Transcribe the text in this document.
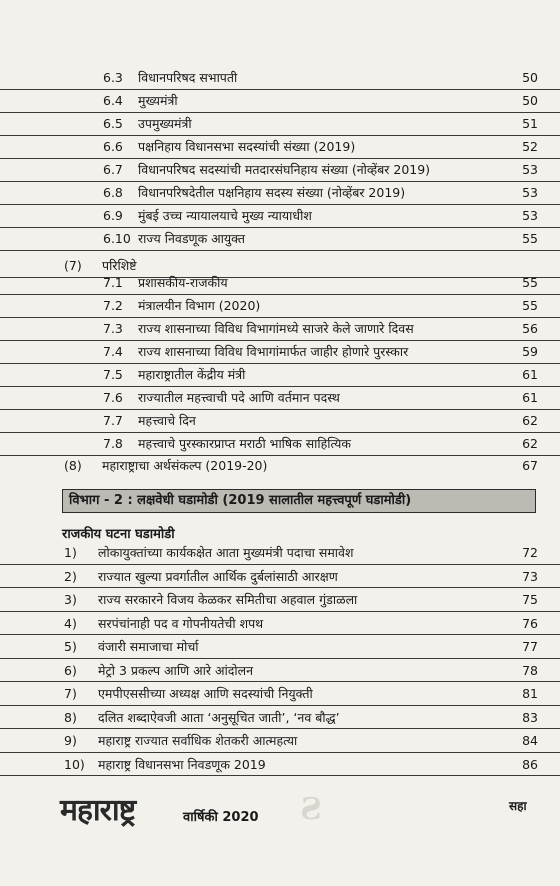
6.3 विधानपरिषद सभापती	50
6.4 मुख्यमंत्री	50
6.5 उपमुख्यमंत्री	51
6.6 पक्षनिहाय विधानसभा सदस्यांची संख्या (2019)	52
6.7 विधानपरिषद सदस्यांची मतदारसंघनिहाय संख्या (नोव्हेंबर 2019)	53
6.8 विधानपरिषदेतील पक्षनिहाय सदस्य संख्या (नोव्हेंबर 2019)	53
6.9 मुंबई उच्च न्यायालयाचे मुख्य न्यायाधीश	53
6.10 राज्य निवडणूक आयुक्त	55
(7) परिशिष्टे
7.1 प्रशासकीय-राजकीय	55
7.2 मंत्रालयीन विभाग (2020)	55
7.3 राज्य शासनाच्या विविध विभागांमध्ये साजरे केले जाणारे दिवस	56
7.4 राज्य शासनाच्या विविध विभागांमार्फत जाहीर होणारे पुरस्कार	59
7.5 महाराष्ट्रातील केंद्रीय मंत्री	61
7.6 राज्यातील महत्त्वाची पदे आणि वर्तमान पदस्थ	61
7.7 महत्त्वाचे दिन	62
7.8 महत्त्वाचे पुरस्कारप्राप्त मराठी भाषिक साहित्यिक	62
(8) महाराष्ट्राचा अर्थसंकल्प (2019-20)	67
विभाग - 2 : लक्षवेधी घडामोडी (2019 सालातील महत्त्वपूर्ण घडामोडी)
राजकीय घटना घडामोडी
1) लोकायुक्तांच्या कार्यकक्षेत आता मुख्यमंत्री पदाचा समावेश	72
2) राज्यात खुल्या प्रवर्गातील आर्थिक दुर्बलांसाठी आरक्षण	73
3) राज्य सरकारने विजय केळकर समितीचा अहवाल गुंडाळला	75
4) सरपंचांनाही पद व गोपनीयतेची शपथ	76
5) वंजारी समाजाचा मोर्चा	77
6) मेट्रो 3 प्रकल्प आणि आरे आंदोलन	78
7) एमपीएससीच्या अध्यक्ष आणि सदस्यांची नियुक्ती	81
8) दलित शब्दाऐवजी आता ‘अनुसूचित जाती’, ‘नव बौद्ध’	83
9) महाराष्ट्र राज्यात सर्वाधिक शेतकरी आत्महत्या	84
10) महाराष्ट्र विधानसभा निवडणूक 2019	86
Ƨ
महाराष्ट्र	वार्षिकी 2020
सहा
